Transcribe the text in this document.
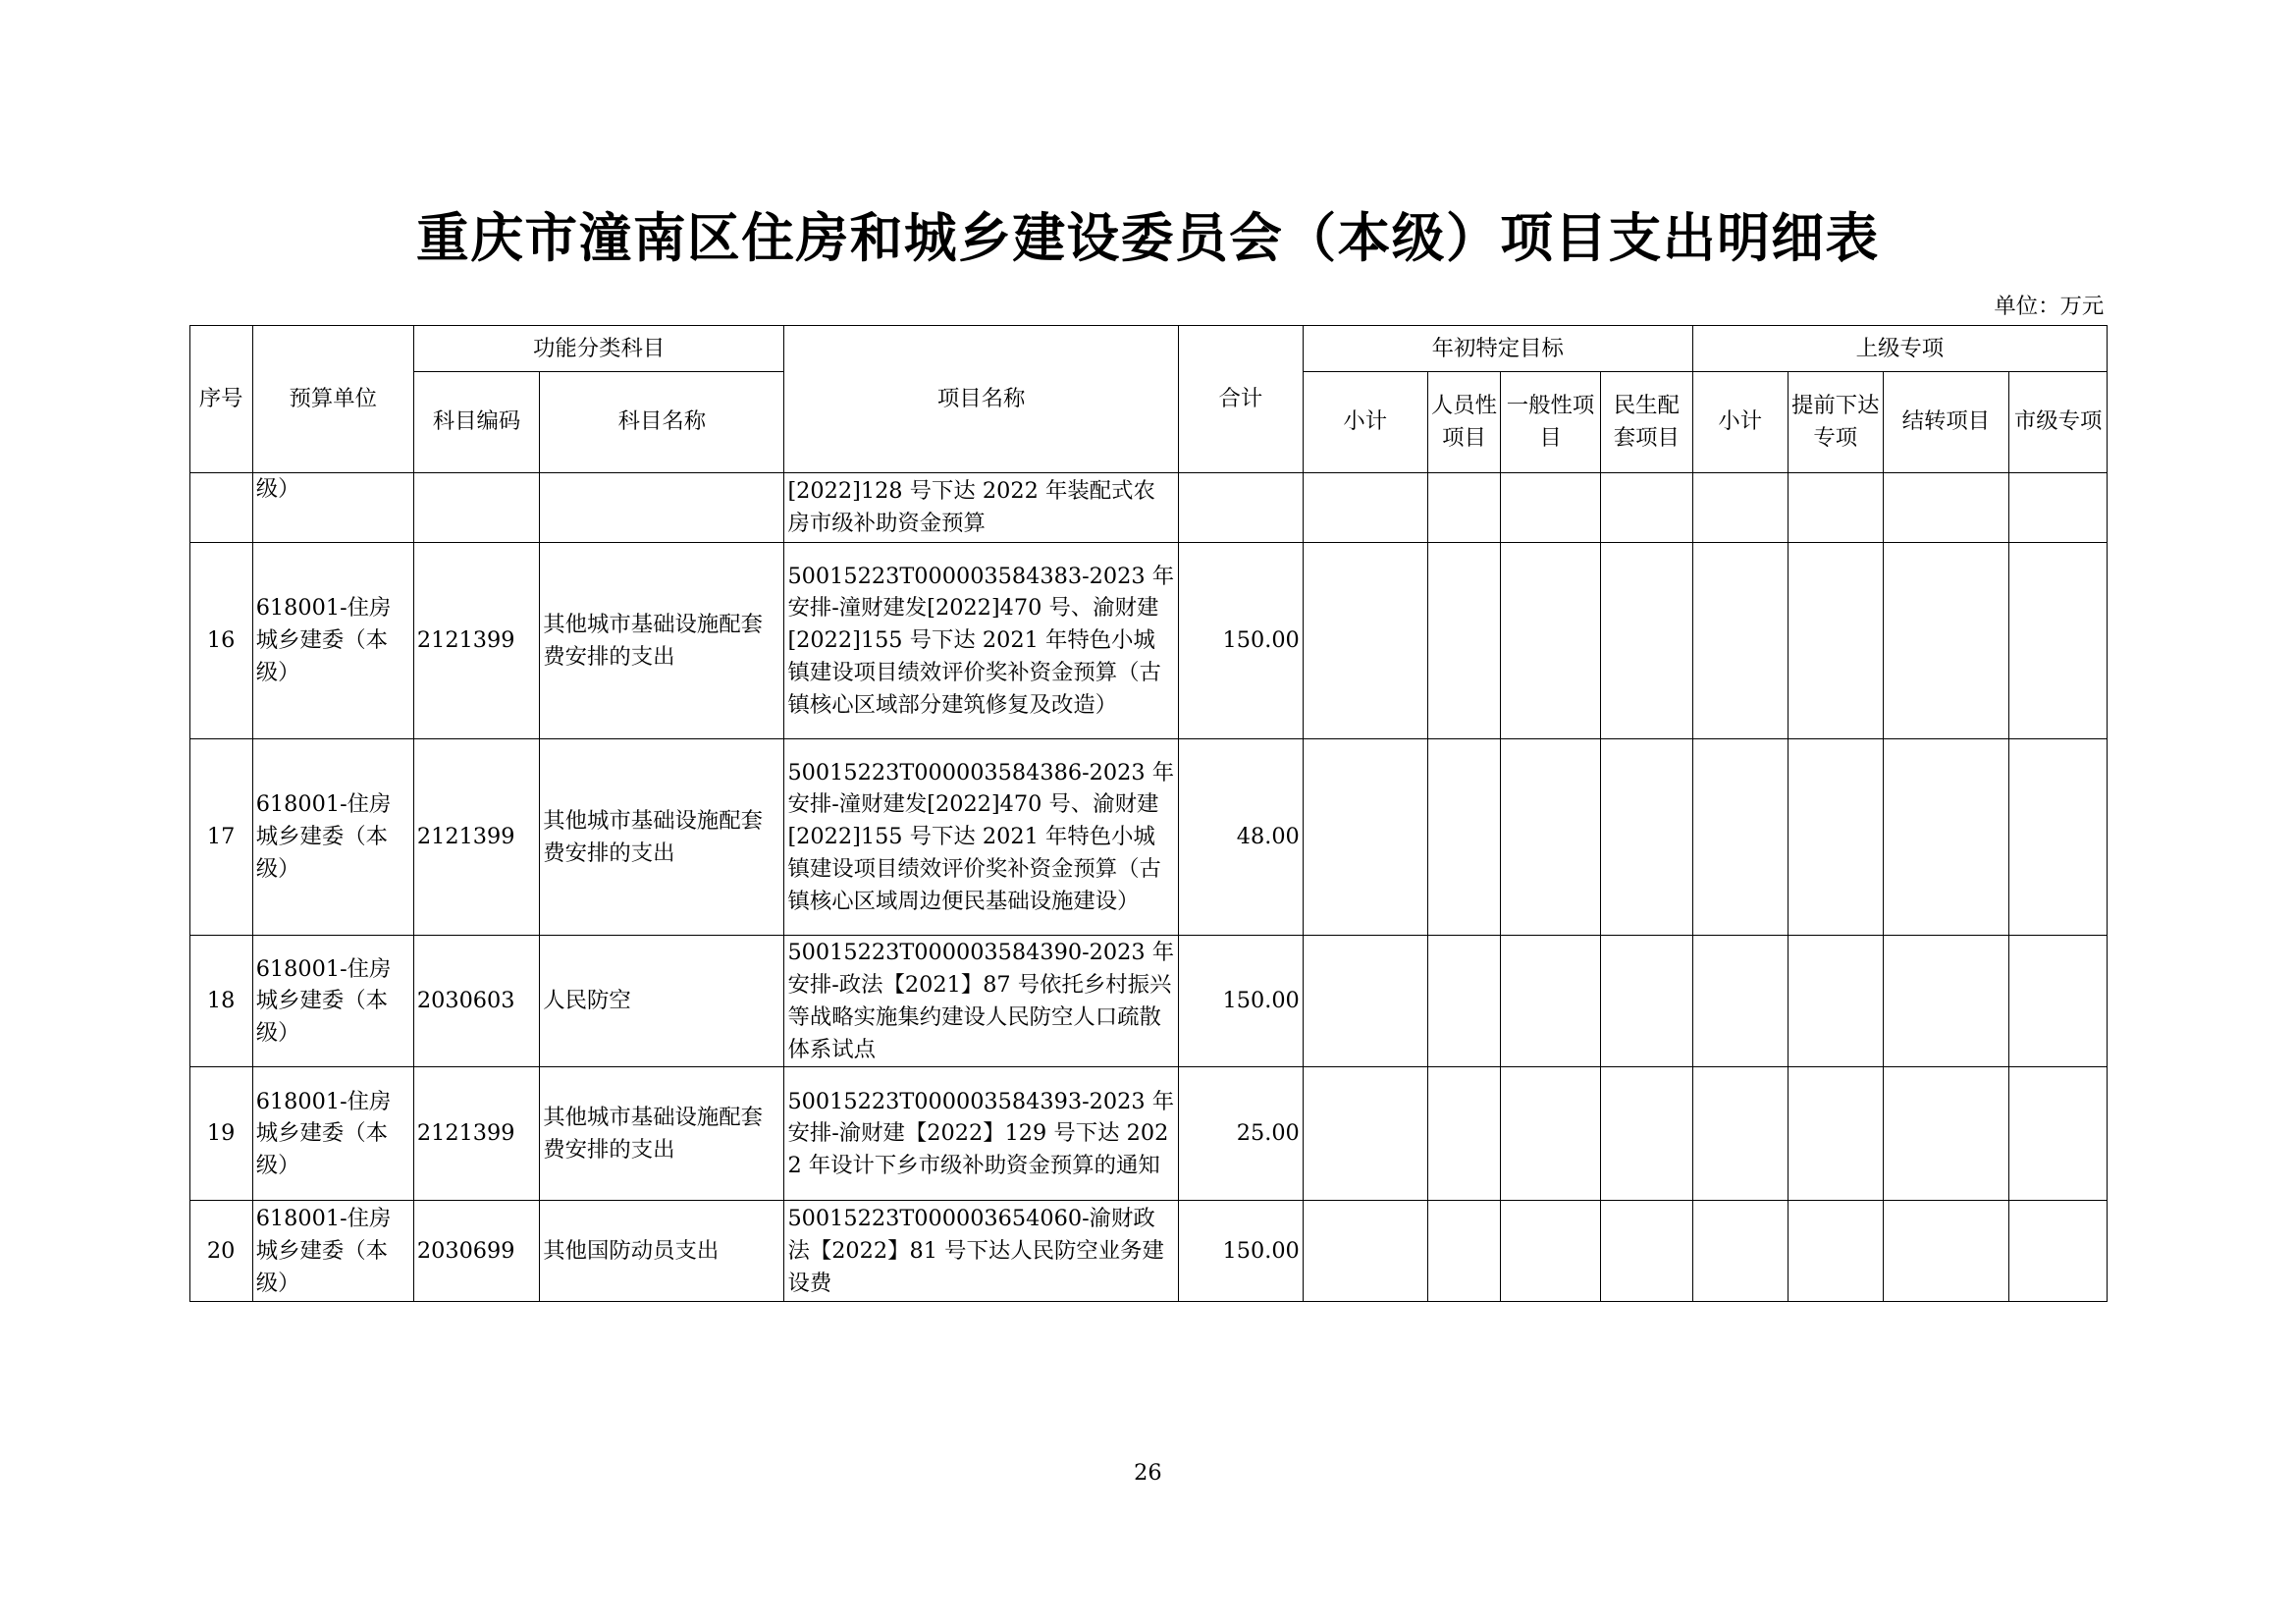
重庆市潼南区住房和城乡建设委员会（本级）项目支出明细表
单位：万元
序号	预算单位	功能分类科目		项目名称	合计	年初特定目标				上级专项			
		科目编码	科目名称			小计	人员性项目	一般性项目	民生配套项目	小计	提前下达专项	结转项目	市级专项
	级）			[2022]128 号下达 2022 年装配式农房市级补助资金预算									
16	618001-住房城乡建委（本级）	2121399	其他城市基础设施配套费安排的支出	50015223T000003584383-2023 年安排-潼财建发[2022]470 号、渝财建[2022]155 号下达 2021 年特色小城镇建设项目绩效评价奖补资金预算（古镇核心区域部分建筑修复及改造）	150.00								
17	618001-住房城乡建委（本级）	2121399	其他城市基础设施配套费安排的支出	50015223T000003584386-2023 年安排-潼财建发[2022]470 号、渝财建[2022]155 号下达 2021 年特色小城镇建设项目绩效评价奖补资金预算（古镇核心区域周边便民基础设施建设）	48.00								
18	618001-住房城乡建委（本级）	2030603	人民防空	50015223T000003584390-2023 年安排-政法【2021】87 号依托乡村振兴等战略实施集约建设人民防空人口疏散体系试点	150.00								
19	618001-住房城乡建委（本级）	2121399	其他城市基础设施配套费安排的支出	50015223T000003584393-2023 年安排-渝财建【2022】129 号下达 2022 年设计下乡市级补助资金预算的通知	25.00								
20	618001-住房城乡建委（本级）	2030699	其他国防动员支出	50015223T000003654060-渝财政法【2022】81 号下达人民防空业务建设费	150.00								
26
